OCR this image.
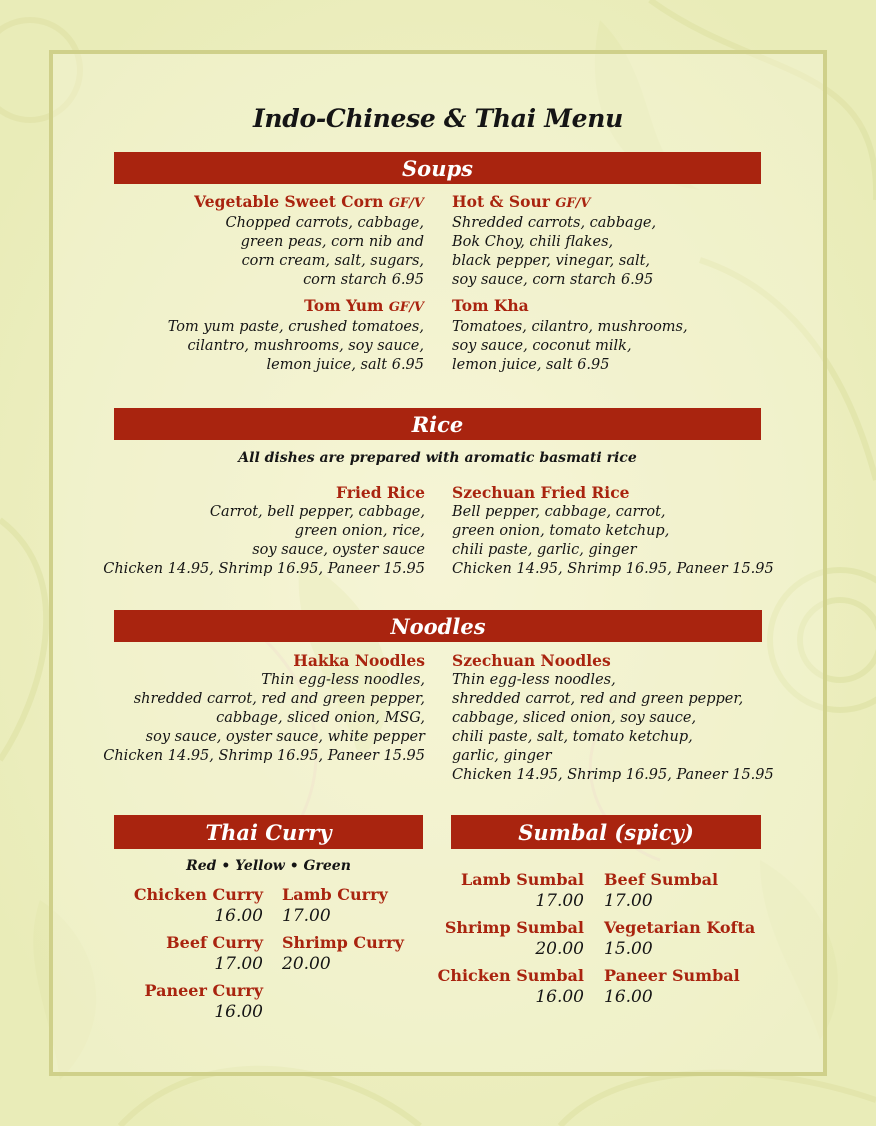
Indo-Chinese & Thai Menu
Soups
Vegetable Sweet Corn GF/V
Chopped carrots, cabbage,
green peas, corn nib and
corn cream, salt, sugars,
corn starch 6.95
Tom Yum GF/V
Tom yum paste, crushed tomatoes,
cilantro, mushrooms, soy sauce,
lemon juice, salt 6.95
Hot & Sour GF/V
Shredded carrots, cabbage,
Bok Choy, chili flakes,
black pepper, vinegar, salt,
soy sauce, corn starch 6.95
Tom Kha
Tomatoes, cilantro, mushrooms,
soy sauce, coconut milk,
lemon juice, salt 6.95
Rice
All dishes are prepared with aromatic basmati rice
Fried Rice
Carrot, bell pepper, cabbage,
green onion, rice,
soy sauce, oyster sauce
Chicken 14.95, Shrimp 16.95, Paneer 15.95
Szechuan Fried Rice
Bell pepper, cabbage, carrot,
green onion, tomato ketchup,
chili paste, garlic, ginger
Chicken 14.95, Shrimp 16.95, Paneer 15.95
Noodles
Hakka Noodles
Thin egg-less noodles,
shredded carrot, red and green pepper,
cabbage, sliced onion, MSG,
soy sauce, oyster sauce, white pepper
Chicken 14.95, Shrimp 16.95, Paneer 15.95
Szechuan Noodles
Thin egg-less noodles,
shredded carrot, red and green pepper,
cabbage, sliced onion, soy sauce,
chili paste, salt, tomato ketchup,
garlic, ginger
Chicken 14.95, Shrimp 16.95, Paneer 15.95
Thai Curry
Red • Yellow • Green
Chicken Curry
16.00
Beef Curry
17.00
Paneer Curry
16.00
Lamb Curry
17.00
Shrimp Curry
20.00
Sumbal (spicy)
Lamb Sumbal
17.00
Shrimp Sumbal
20.00
Chicken Sumbal
16.00
Beef Sumbal
17.00
Vegetarian Kofta
15.00
Paneer Sumbal
16.00
